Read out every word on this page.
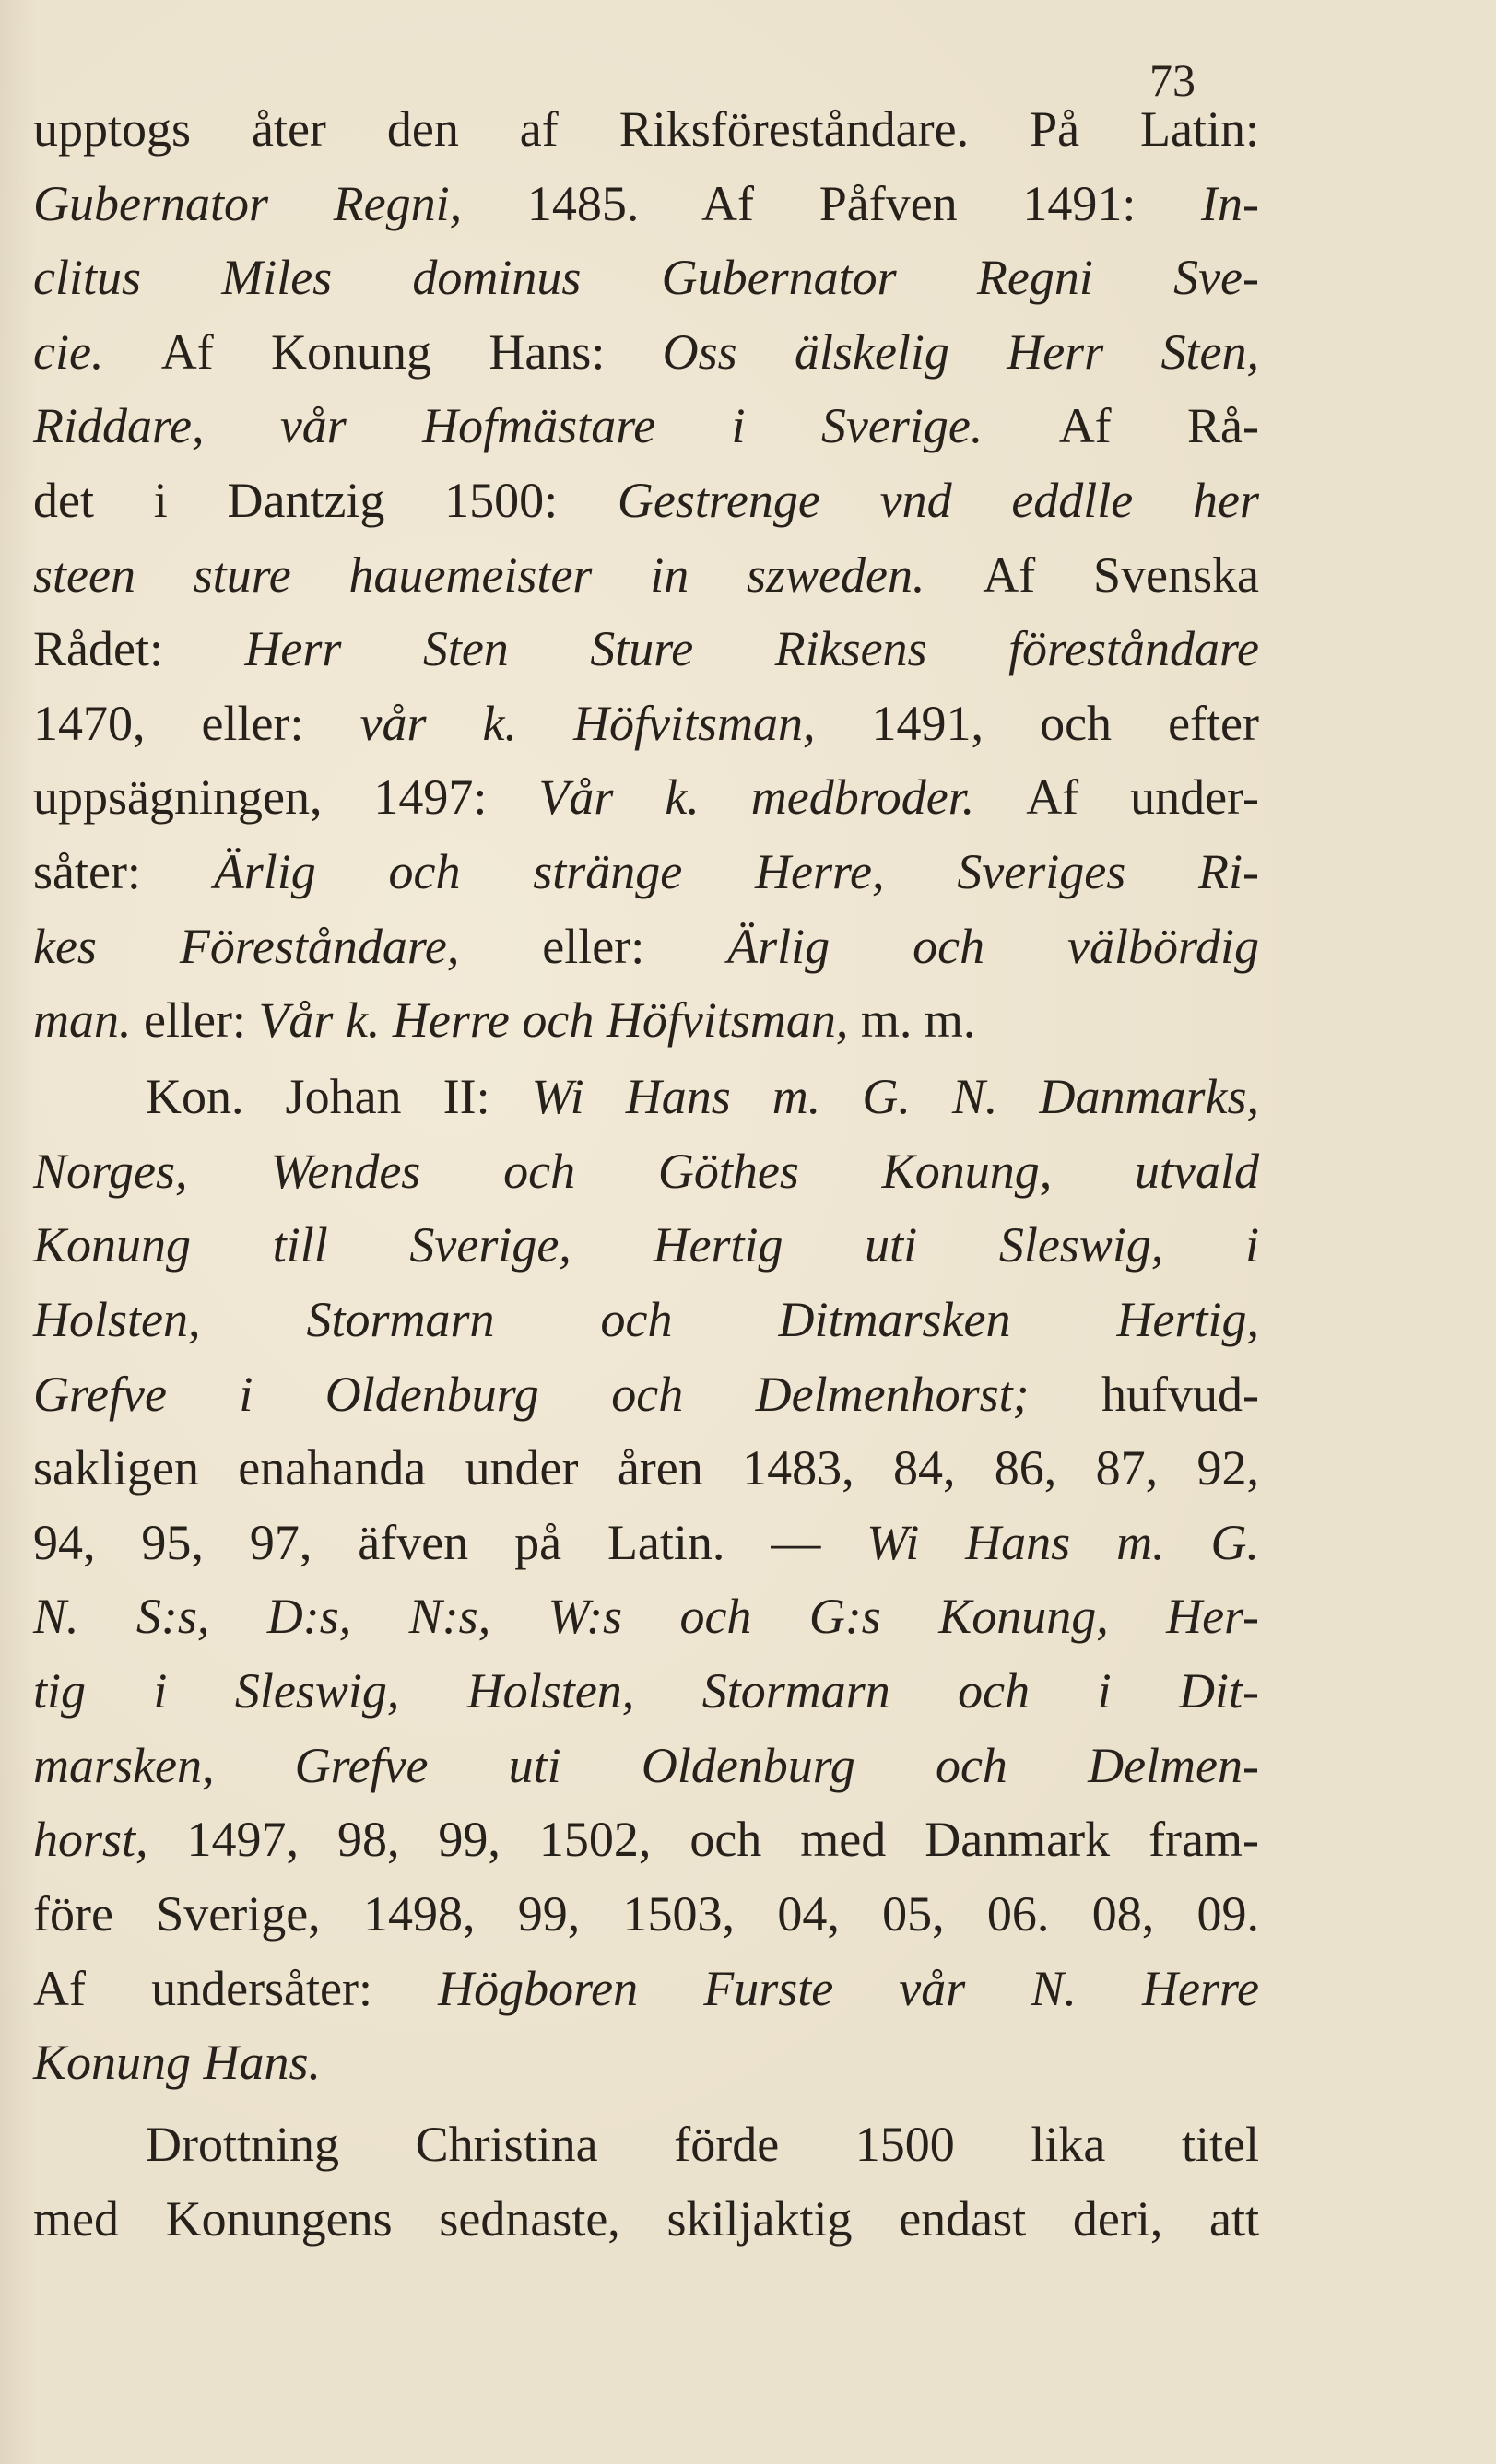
73
upptogs åter den af Riksföreståndare. På Latin:
Gubernator Regni, 1485. Af Påfven 1491: In-
clitus Miles dominus Gubernator Regni Sve-
cie. Af Konung Hans: Oss älskelig Herr Sten,
Riddare, vår Hofmästare i Sverige. Af Rå-
det i Dantzig 1500: Gestrenge vnd eddlle her
steen sture hauemeister in szweden. Af Svenska
Rådet: Herr Sten Sture Riksens föreståndare
1470, eller: vår k. Höfvitsman, 1491, och efter
uppsägningen, 1497: Vår k. medbroder. Af under-
såter: Ärlig och stränge Herre, Sveriges Ri-
kes Föreståndare, eller: Ärlig och välbördig
man. eller: Vår k. Herre och Höfvitsman, m. m.
Kon. Johan II: Wi Hans m. G. N. Danmarks,
Norges, Wendes och Göthes Konung, utvald
Konung till Sverige, Hertig uti Sleswig, i
Holsten, Stormarn och Ditmarsken Hertig,
Grefve i Oldenburg och Delmenhorst; hufvud-
sakligen enahanda under åren 1483, 84, 86, 87, 92,
94, 95, 97, äfven på Latin. — Wi Hans m. G.
N. S:s, D:s, N:s, W:s och G:s Konung, Her-
tig i Sleswig, Holsten, Stormarn och i Dit-
marsken, Grefve uti Oldenburg och Delmen-
horst, 1497, 98, 99, 1502, och med Danmark fram-
före Sverige, 1498, 99, 1503, 04, 05, 06. 08, 09.
Af undersåter: Högboren Furste vår N. Herre
Konung Hans.
Drottning Christina förde 1500 lika titel
med Konungens sednaste, skiljaktig endast deri, att
